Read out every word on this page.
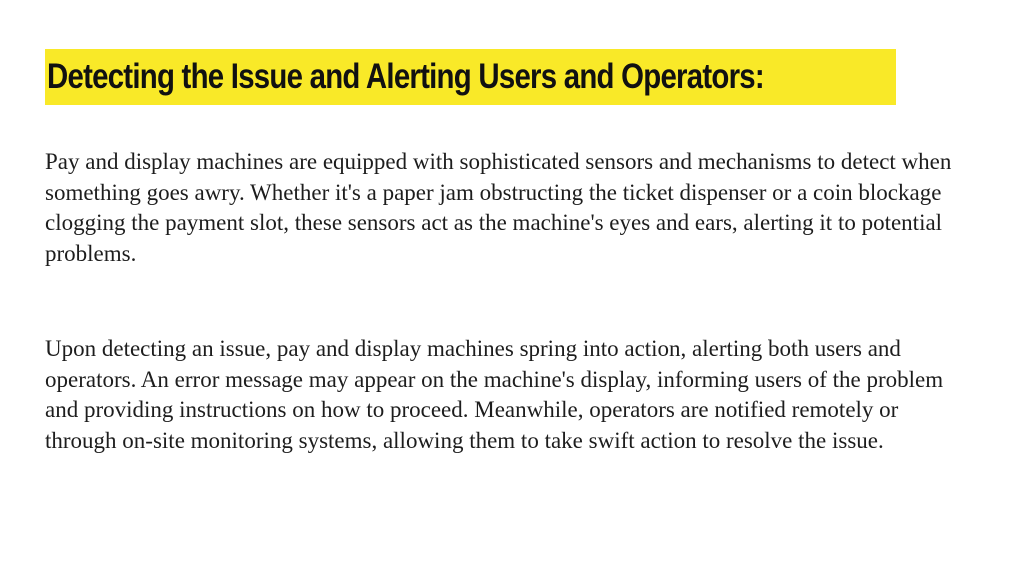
Detecting the Issue and Alerting Users and Operators:

Pay and display machines are equipped with sophisticated sensors and mechanisms to detect when something goes awry. Whether it's a paper jam obstructing the ticket dispenser or a coin blockage clogging the payment slot, these sensors act as the machine's eyes and ears, alerting it to potential problems.

Upon detecting an issue, pay and display machines spring into action, alerting both users and operators. An error message may appear on the machine's display, informing users of the problem and providing instructions on how to proceed. Meanwhile, operators are notified remotely or through on-site monitoring systems, allowing them to take swift action to resolve the issue.
